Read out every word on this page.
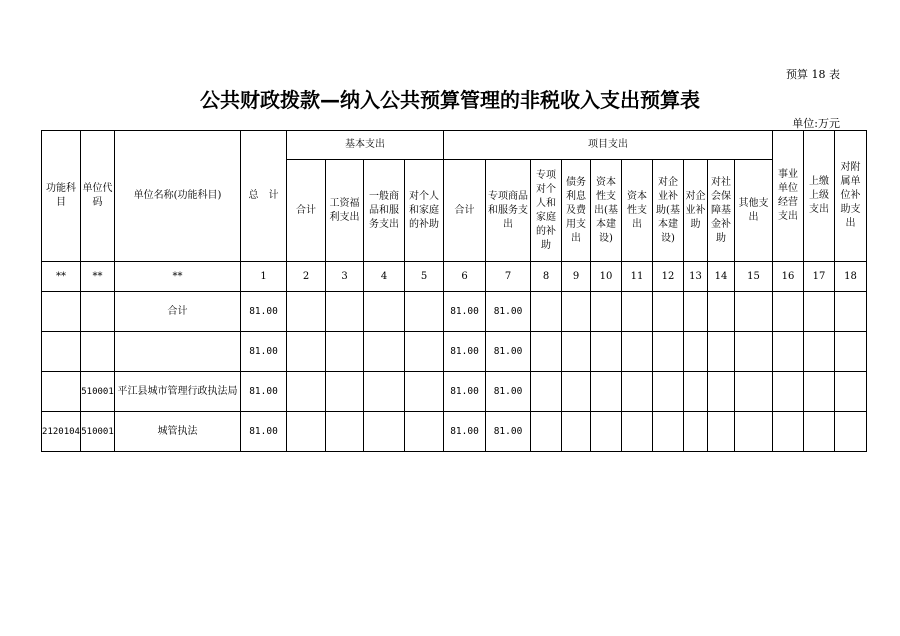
预算 18 表
公共财政拨款—纳入公共预算管理的非税收入支出预算表
单位:万元
功能科目	单位代码	单位名称(功能科目)	总　计	基本支出				项目支出										事业单位经营支出	上缴上级支出	对附属单位补助支出
				合计	工资福利支出	一般商品和服务支出	对个人和家庭的补助	合计	专项商品和服务支出	专项对个人和家庭的补助	债务利息及费用支出	资本性支出(基本建设)	资本性支出	对企业补助(基本建设)	对企业补助	对社会保障基金补助	其他支出			
**	**	**	1	2	3	4	5	6	7	8	9	10	11	12	13	14	15	16	17	18
		合计	81.00					81.00	81.00											
			81.00					81.00	81.00											
	510001	平江县城市管理行政执法局	81.00					81.00	81.00											
2120104	510001	城管执法	81.00					81.00	81.00											
